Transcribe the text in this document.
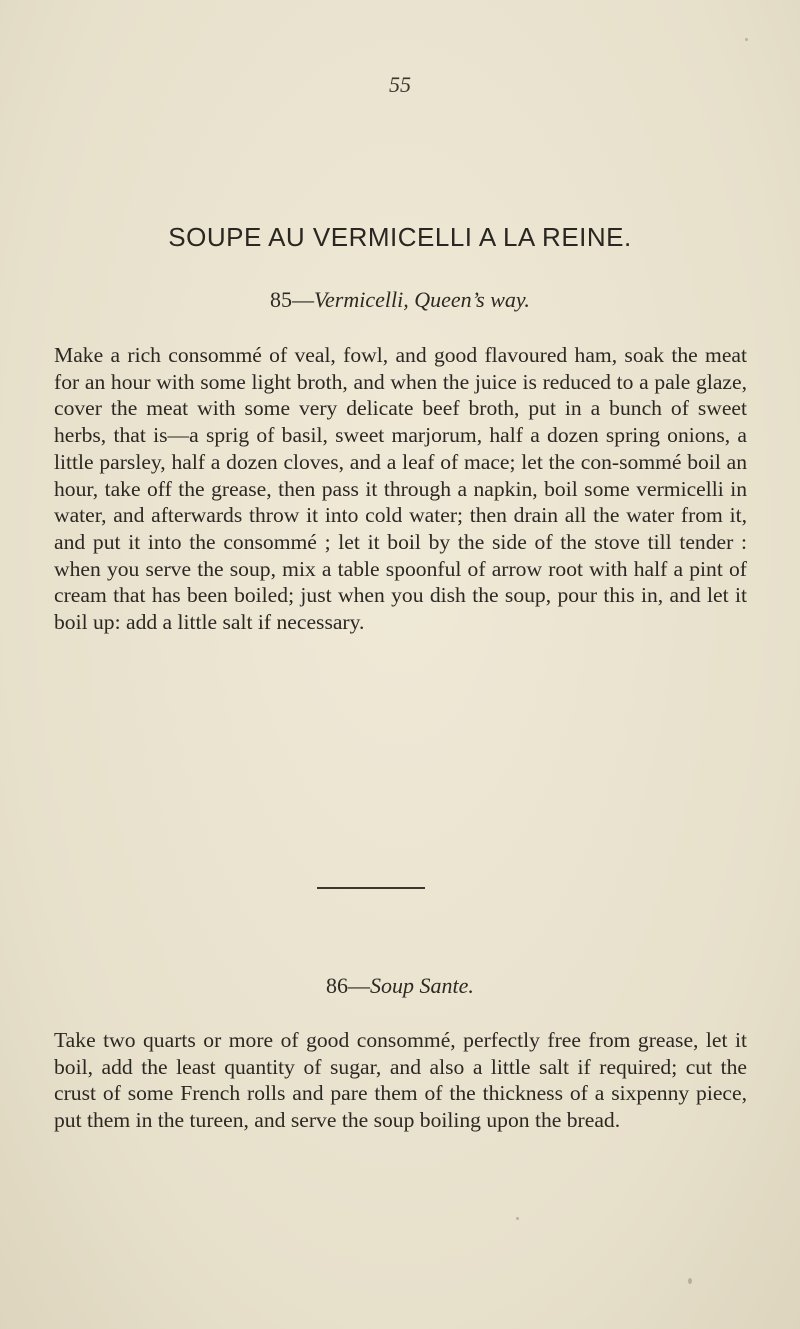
55
SOUPE AU VERMICELLI A LA REINE.
85—Vermicelli, Queen’s way.
Make a rich consommé of veal, fowl, and good flavoured ham, soak the meat for an hour with some light broth, and when the juice is reduced to a pale glaze, cover the meat with some very delicate beef broth, put in a bunch of sweet herbs, that is—a sprig of basil, sweet marjorum, half a dozen spring onions, a little parsley, half a dozen cloves, and a leaf of mace; let the con-sommé boil an hour, take off the grease, then pass it through a napkin, boil some vermicelli in water, and afterwards throw it into cold water; then drain all the water from it, and put it into the consommé ; let it boil by the side of the stove till tender : when you serve the soup, mix a table spoonful of arrow root with half a pint of cream that has been boiled; just when you dish the soup, pour this in, and let it boil up: add a little salt if necessary.
86—Soup Sante.
Take two quarts or more of good consommé, perfectly free from grease, let it boil, add the least quantity of sugar, and also a little salt if required; cut the crust of some French rolls and pare them of the thickness of a sixpenny piece, put them in the tureen, and serve the soup boiling upon the bread.
